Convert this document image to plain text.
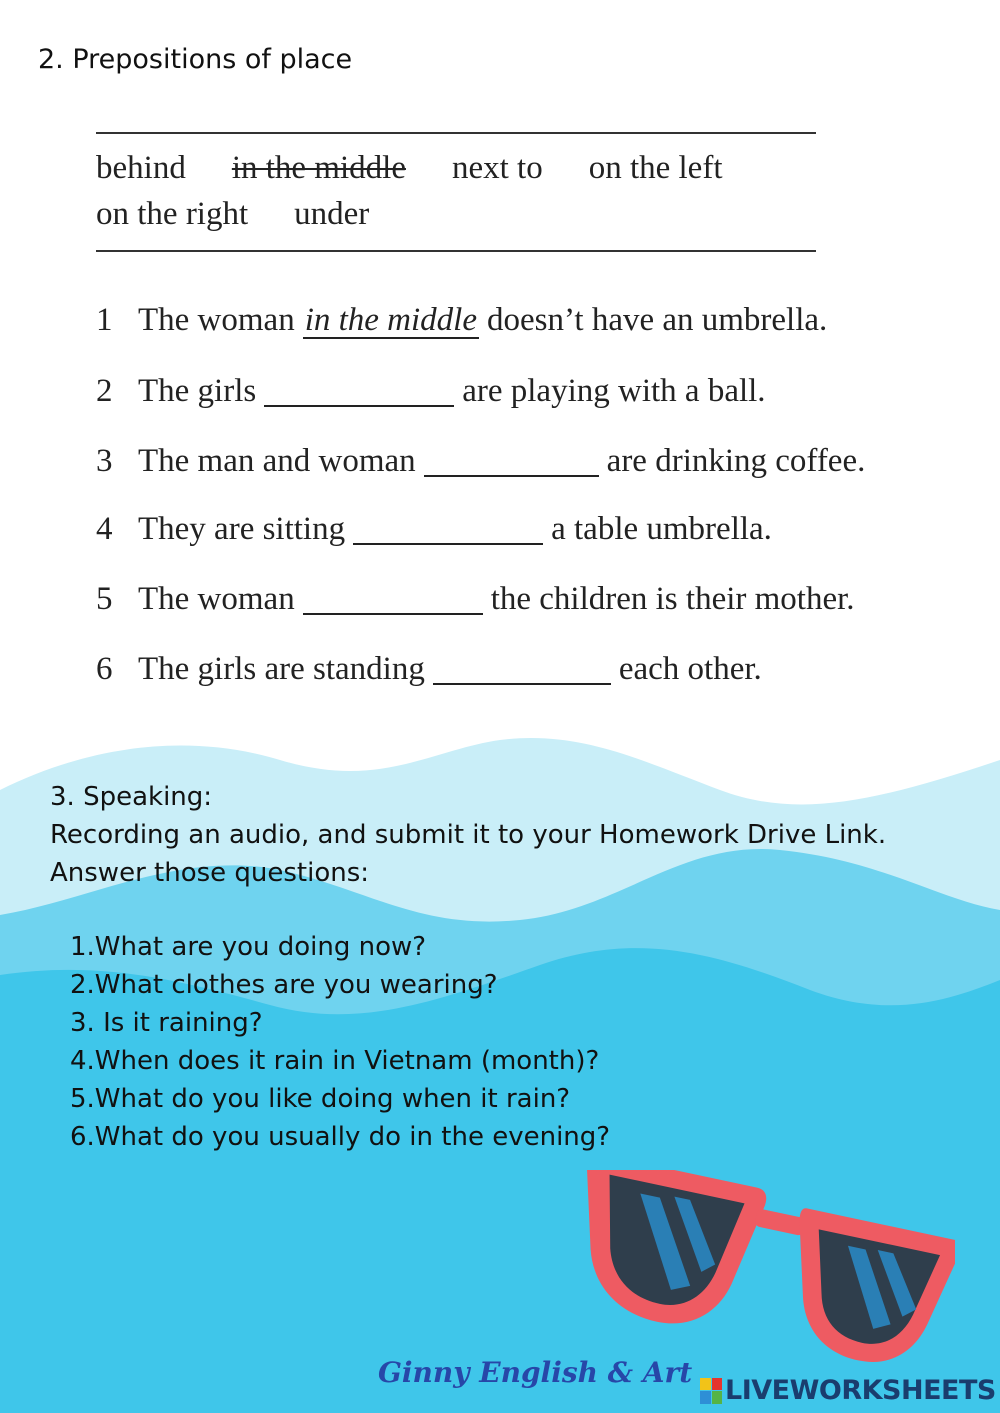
2. Prepositions of place
behind in the middle next to on the left
on the right under
1 The woman in the middle doesn’t have an umbrella.
2 The girls	are playing with a ball.
3 The man and woman	are drinking coffee.
4 They are sitting	a table umbrella.
5 The woman	the children is their mother.
6 The girls are standing	each other.
3. Speaking:
Recording an audio, and submit it to your Homework Drive Link.
Answer those questions:
1.What are you doing now?
2.What clothes are you wearing?
3. Is it raining?
4.When does it rain in Vietnam (month)?
5.What do you like doing when it rain?
6.What do you usually do in the evening?
Ginny English & Art
LIVEWORKSHEETS
